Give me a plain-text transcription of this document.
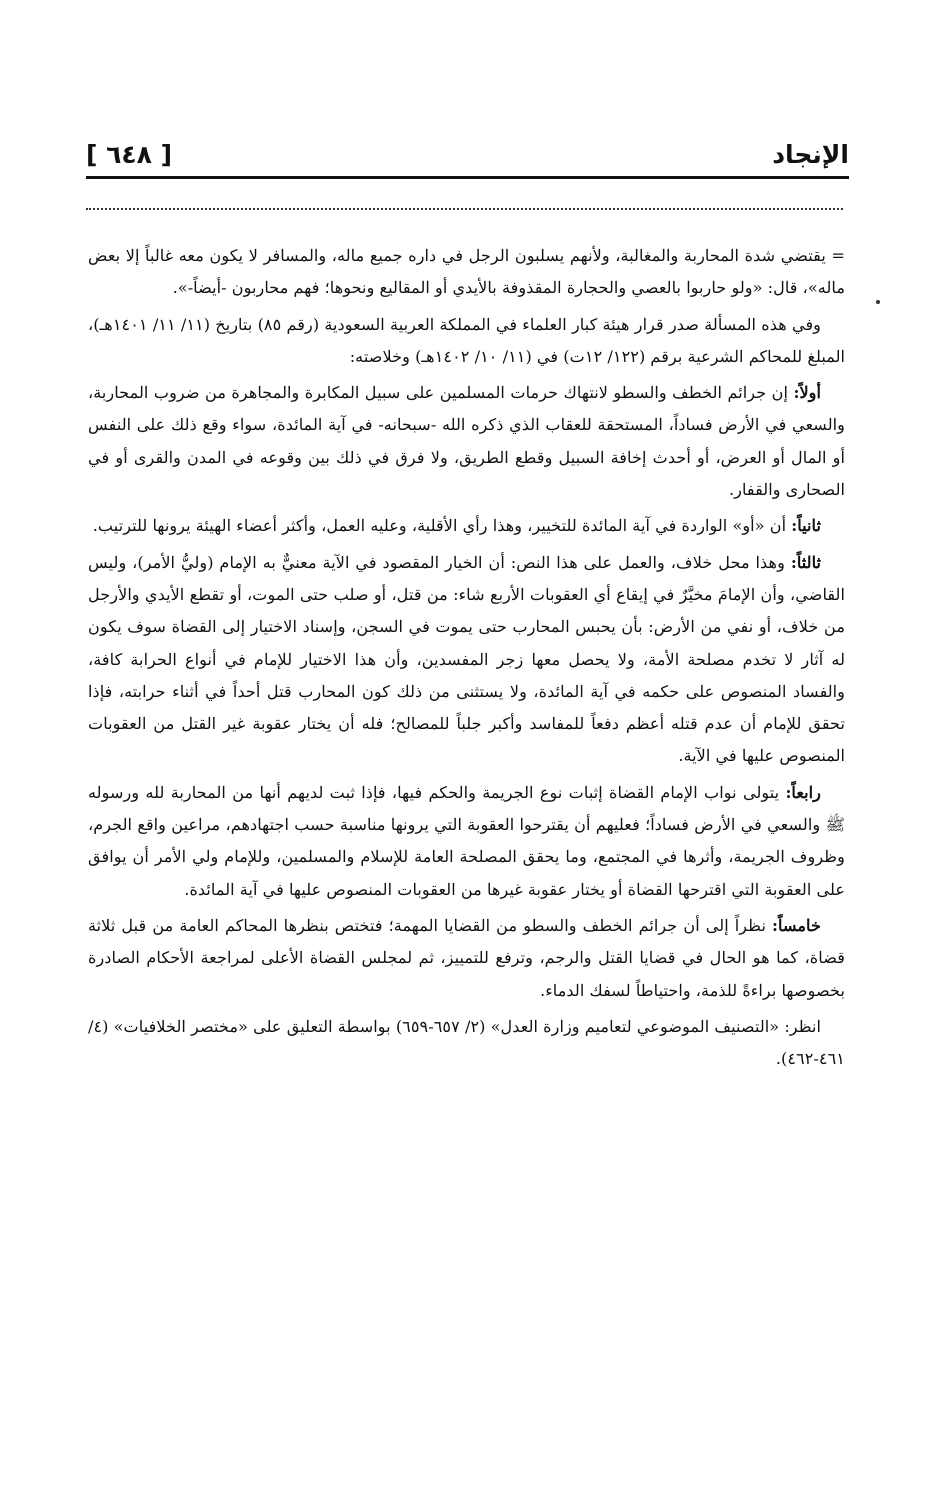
الإنجاد
[ ٦٤٨ ]

= يقتضي شدة المحاربة والمغالبة، ولأنهم يسلبون الرجل في داره جميع ماله، والمسافر لا يكون معه غالباً إلا بعض ماله»، قال: «ولو حاربوا بالعصي والحجارة المقذوفة بالأيدي أو المقاليع ونحوها؛ فهم محاربون -أيضاً-».

وفي هذه المسألة صدر قرار هيئة كبار العلماء في المملكة العربية السعودية (رقم ٨٥) بتاريخ (١١/ ١١/ ١٤٠١هـ)، المبلغ للمحاكم الشرعية برقم (١٢٢/ ١٢ت) في (١١/ ١٠/ ١٤٠٢هـ) وخلاصته:

أولاً: إن جرائم الخطف والسطو لانتهاك حرمات المسلمين على سبيل المكابرة والمجاهرة من ضروب المحاربة، والسعي في الأرض فساداً، المستحقة للعقاب الذي ذكره الله -سبحانه- في آية المائدة، سواء وقع ذلك على النفس أو المال أو العرض، أو أحدث إخافة السبيل وقطع الطريق، ولا فرق في ذلك بين وقوعه في المدن والقرى أو في الصحارى والقفار.

ثانياً: أن «أو» الواردة في آية المائدة للتخيير، وهذا رأي الأقلية، وعليه العمل، وأكثر أعضاء الهيئة يرونها للترتيب.

ثالثاً: وهذا محل خلاف، والعمل على هذا النص: أن الخيار المقصود في الآية معنيٌّ به الإمام (وليُّ الأمر)، وليس القاضي، وأن الإمامَ مخيَّرٌ في إيقاع أي العقوبات الأربع شاء: من قتل، أو صلب حتى الموت، أو تقطع الأيدي والأرجل من خلاف، أو نفي من الأرض: بأن يحبس المحارب حتى يموت في السجن، وإسناد الاختيار إلى القضاة سوف يكون له آثار لا تخدم مصلحة الأمة، ولا يحصل معها زجر المفسدين، وأن هذا الاختيار للإمام في أنواع الحرابة كافة، والفساد المنصوص على حكمه في آية المائدة، ولا يستثنى من ذلك كون المحارب قتل أحداً في أثناء حرابته، فإذا تحقق للإمام أن عدم قتله أعظم دفعاً للمفاسد وأكبر جلباً للمصالح؛ فله أن يختار عقوبة غير القتل من العقوبات المنصوص عليها في الآية.

رابعاً: يتولى نواب الإمام القضاة إثبات نوع الجريمة والحكم فيها، فإذا ثبت لديهم أنها من المحاربة لله ورسوله ﷺ والسعي في الأرض فساداً؛ فعليهم أن يقترحوا العقوبة التي يرونها مناسبة حسب اجتهادهم، مراعين واقع الجرم، وظروف الجريمة، وأثرها في المجتمع، وما يحقق المصلحة العامة للإسلام والمسلمين، وللإمام ولي الأمر أن يوافق على العقوبة التي اقترحها القضاة أو يختار عقوبة غيرها من العقوبات المنصوص عليها في آية المائدة.

خامساً: نظراً إلى أن جرائم الخطف والسطو من القضايا المهمة؛ فتختص بنظرها المحاكم العامة من قبل ثلاثة قضاة، كما هو الحال في قضايا القتل والرجم، وترفع للتمييز، ثم لمجلس القضاة الأعلى لمراجعة الأحكام الصادرة بخصوصها براءةً للذمة، واحتياطاً لسفك الدماء.

انظر: «التصنيف الموضوعي لتعاميم وزارة العدل» (٢/ ٦٥٧-٦٥٩) بواسطة التعليق على «مختصر الخلافيات» (٤/ ٤٦١-٤٦٢).
